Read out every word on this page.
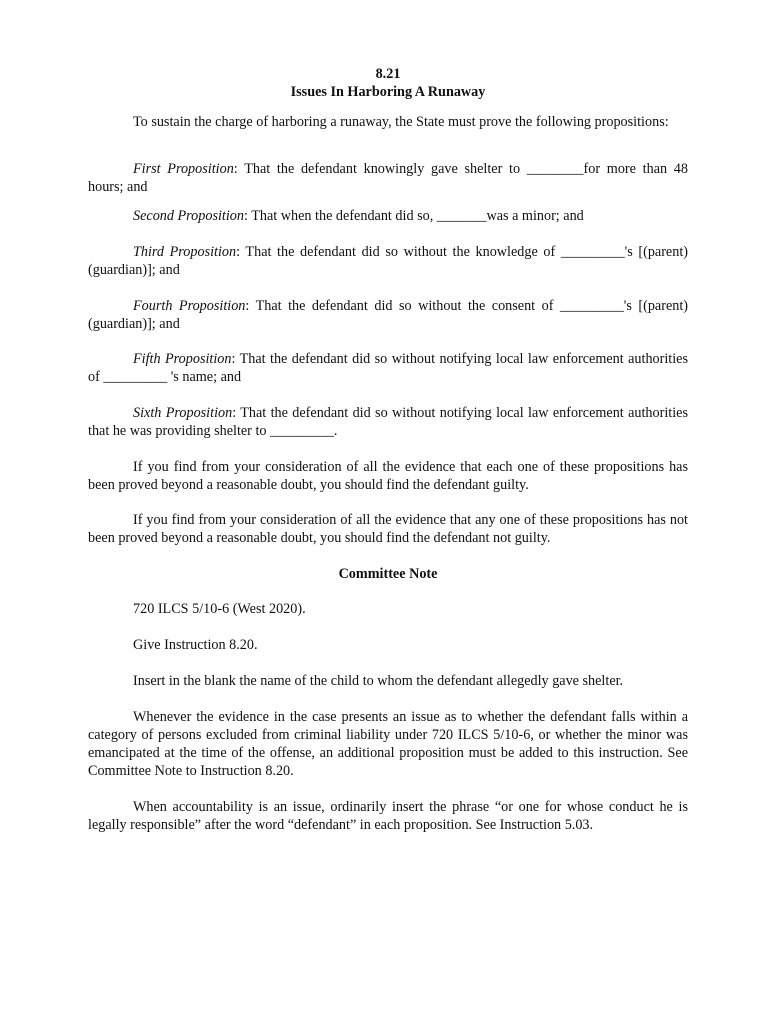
8.21

Issues In Harboring A Runaway

To sustain the charge of harboring a runaway, the State must prove the following propositions:

First Proposition: That the defendant knowingly gave shelter to ________for more than 48 hours; and

Second Proposition: That when the defendant did so, _______was a minor; and

Third Proposition: That the defendant did so without the knowledge of _________'s [(parent) (guardian)]; and

Fourth Proposition: That the defendant did so without the consent of _________'s [(parent) (guardian)]; and

Fifth Proposition: That the defendant did so without notifying local law enforcement authorities of _________ 's name; and

Sixth Proposition: That the defendant did so without notifying local law enforcement authorities that he was providing shelter to _________.

If you find from your consideration of all the evidence that each one of these propositions has been proved beyond a reasonable doubt, you should find the defendant guilty.

If you find from your consideration of all the evidence that any one of these propositions has not been proved beyond a reasonable doubt, you should find the defendant not guilty.

Committee Note

720 ILCS 5/10-6 (West 2020).

Give Instruction 8.20.

Insert in the blank the name of the child to whom the defendant allegedly gave shelter.

Whenever the evidence in the case presents an issue as to whether the defendant falls within a category of persons excluded from criminal liability under 720 ILCS 5/10-6, or whether the minor was emancipated at the time of the offense, an additional proposition must be added to this instruction. See Committee Note to Instruction 8.20.

When accountability is an issue, ordinarily insert the phrase “or one for whose conduct he is legally responsible” after the word “defendant” in each proposition. See Instruction 5.03.
